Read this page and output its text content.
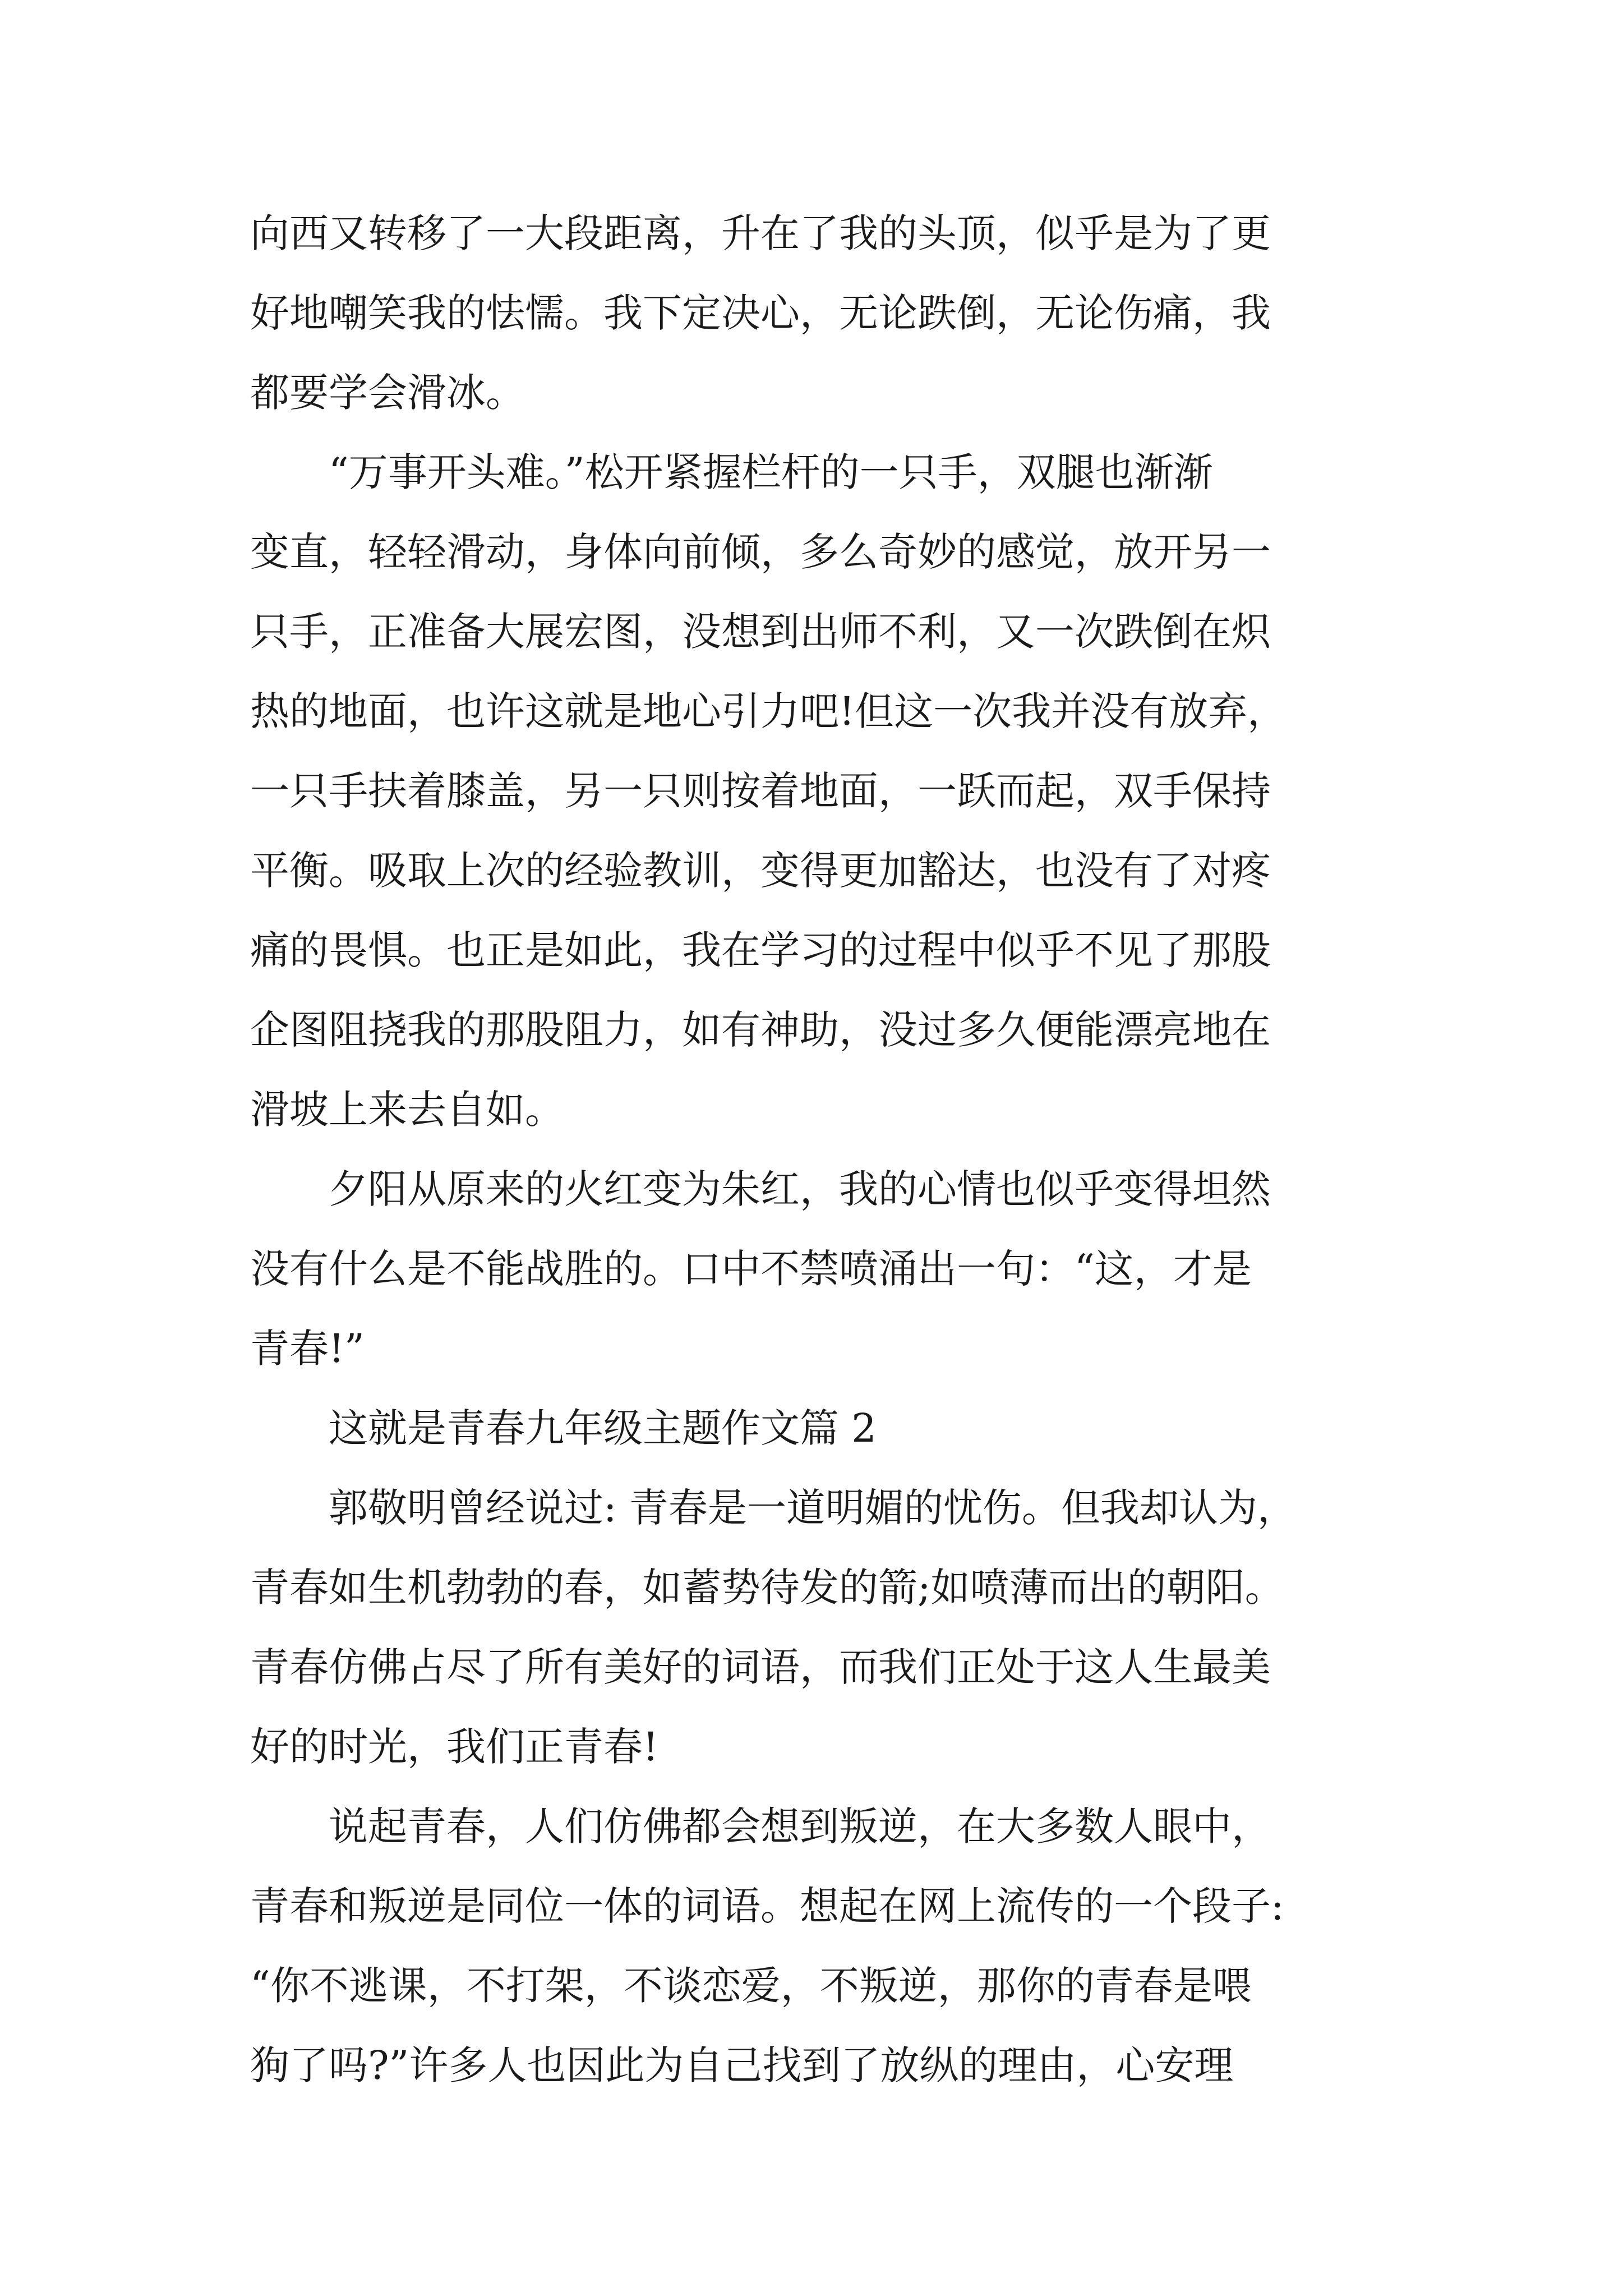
向西又转移了一大段距离，升在了我的头顶，似乎是为了更
好地嘲笑我的怯懦。我下定决心，无论跌倒，无论伤痛，我
都要学会滑冰。
“万事开头难。”松开紧握栏杆的一只手，双腿也渐渐
变直，轻轻滑动，身体向前倾，多么奇妙的感觉，放开另一
只手，正准备大展宏图，没想到出师不利，又一次跌倒在炽
热的地面，也许这就是地心引力吧!但这一次我并没有放弃，
一只手扶着膝盖，另一只则按着地面，一跃而起，双手保持
平衡。吸取上次的经验教训，变得更加豁达，也没有了对疼
痛的畏惧。也正是如此，我在学习的过程中似乎不见了那股
企图阻挠我的那股阻力，如有神助，没过多久便能漂亮地在
滑坡上来去自如。
夕阳从原来的火红变为朱红，我的心情也似乎变得坦然
没有什么是不能战胜的。口中不禁喷涌出一句：“这，才是
青春!”
这就是青春九年级主题作文篇 2
郭敬明曾经说过: 青春是一道明媚的忧伤。但我却认为，
青春如生机勃勃的春，如蓄势待发的箭;如喷薄而出的朝阳。
青春仿佛占尽了所有美好的词语，而我们正处于这人生最美
好的时光，我们正青春!
说起青春，人们仿佛都会想到叛逆，在大多数人眼中，
青春和叛逆是同位一体的词语。想起在网上流传的一个段子:
“你不逃课，不打架，不谈恋爱，不叛逆，那你的青春是喂
狗了吗?”许多人也因此为自己找到了放纵的理由，心安理
